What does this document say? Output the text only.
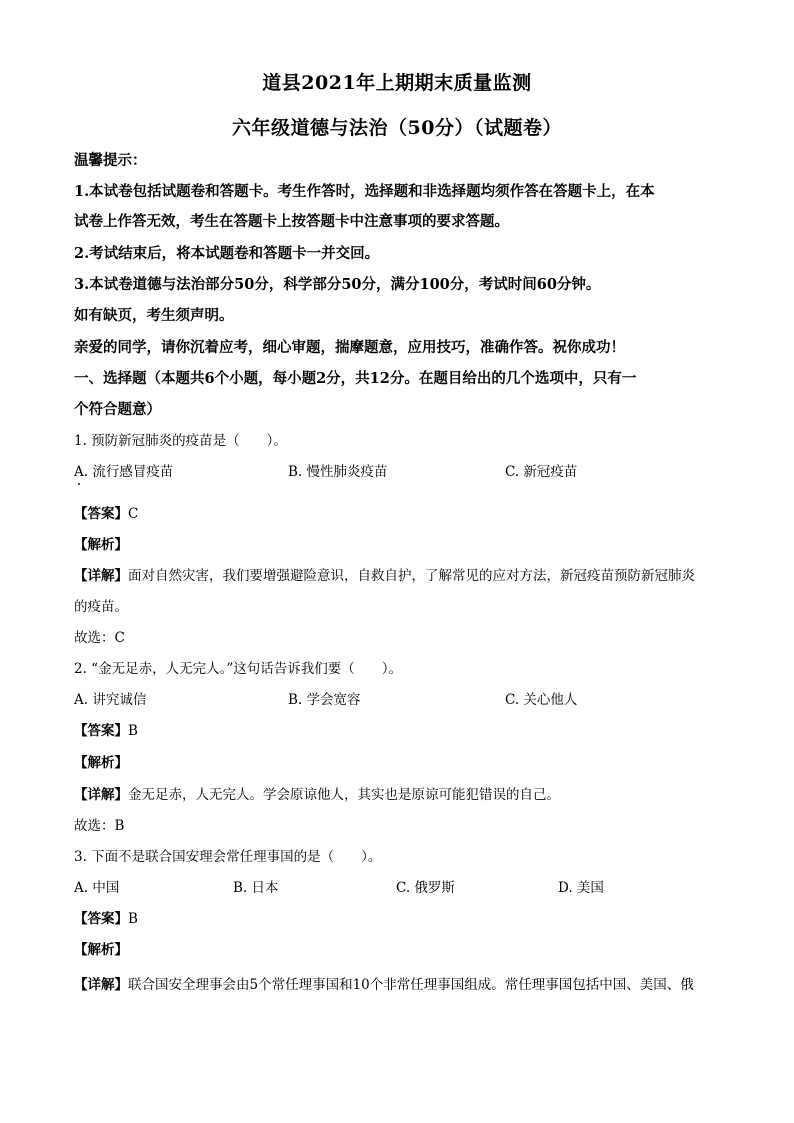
道县2021年上期期末质量监测
六年级道德与法治（50分）（试题卷）
温馨提示：
1.本试卷包括试题卷和答题卡。考生作答时，选择题和非选择题均须作答在答题卡上，在本
试卷上作答无效，考生在答题卡上按答题卡中注意事项的要求答题。
2.考试结束后，将本试题卷和答题卡一并交回。
3.本试卷道德与法治部分50分，科学部分50分，满分100分，考试时间60分钟。
如有缺页，考生须声明。
亲爱的同学，请你沉着应考，细心审题，揣摩题意，应用技巧，准确作答。祝你成功！
一、选择题（本题共6个小题，每小题2分，共12分。在题目给出的几个选项中，只有一
个符合题意）
1. 预防新冠肺炎的疫苗是（　　）。
A. 流行感冒疫苗	B. 慢性肺炎疫苗	C. 新冠疫苗
【答案】C
【解析】
【详解】面对自然灾害，我们要增强避险意识，自救自护，了解常见的应对方法，新冠疫苗预防新冠肺炎
的疫苗。
故选：C
2. “金无足赤，人无完人。”这句话告诉我们要（　　）。
A. 讲究诚信	B. 学会宽容	C. 关心他人
【答案】B
【解析】
【详解】金无足赤，人无完人。学会原谅他人，其实也是原谅可能犯错误的自己。
故选：B
3. 下面不是联合国安理会常任理事国的是（　　）。
A. 中国	B. 日本	C. 俄罗斯	D. 美国
【答案】B
【解析】
【详解】联合国安全理事会由5个常任理事国和10个非常任理事国组成。常任理事国包括中国、美国、俄
